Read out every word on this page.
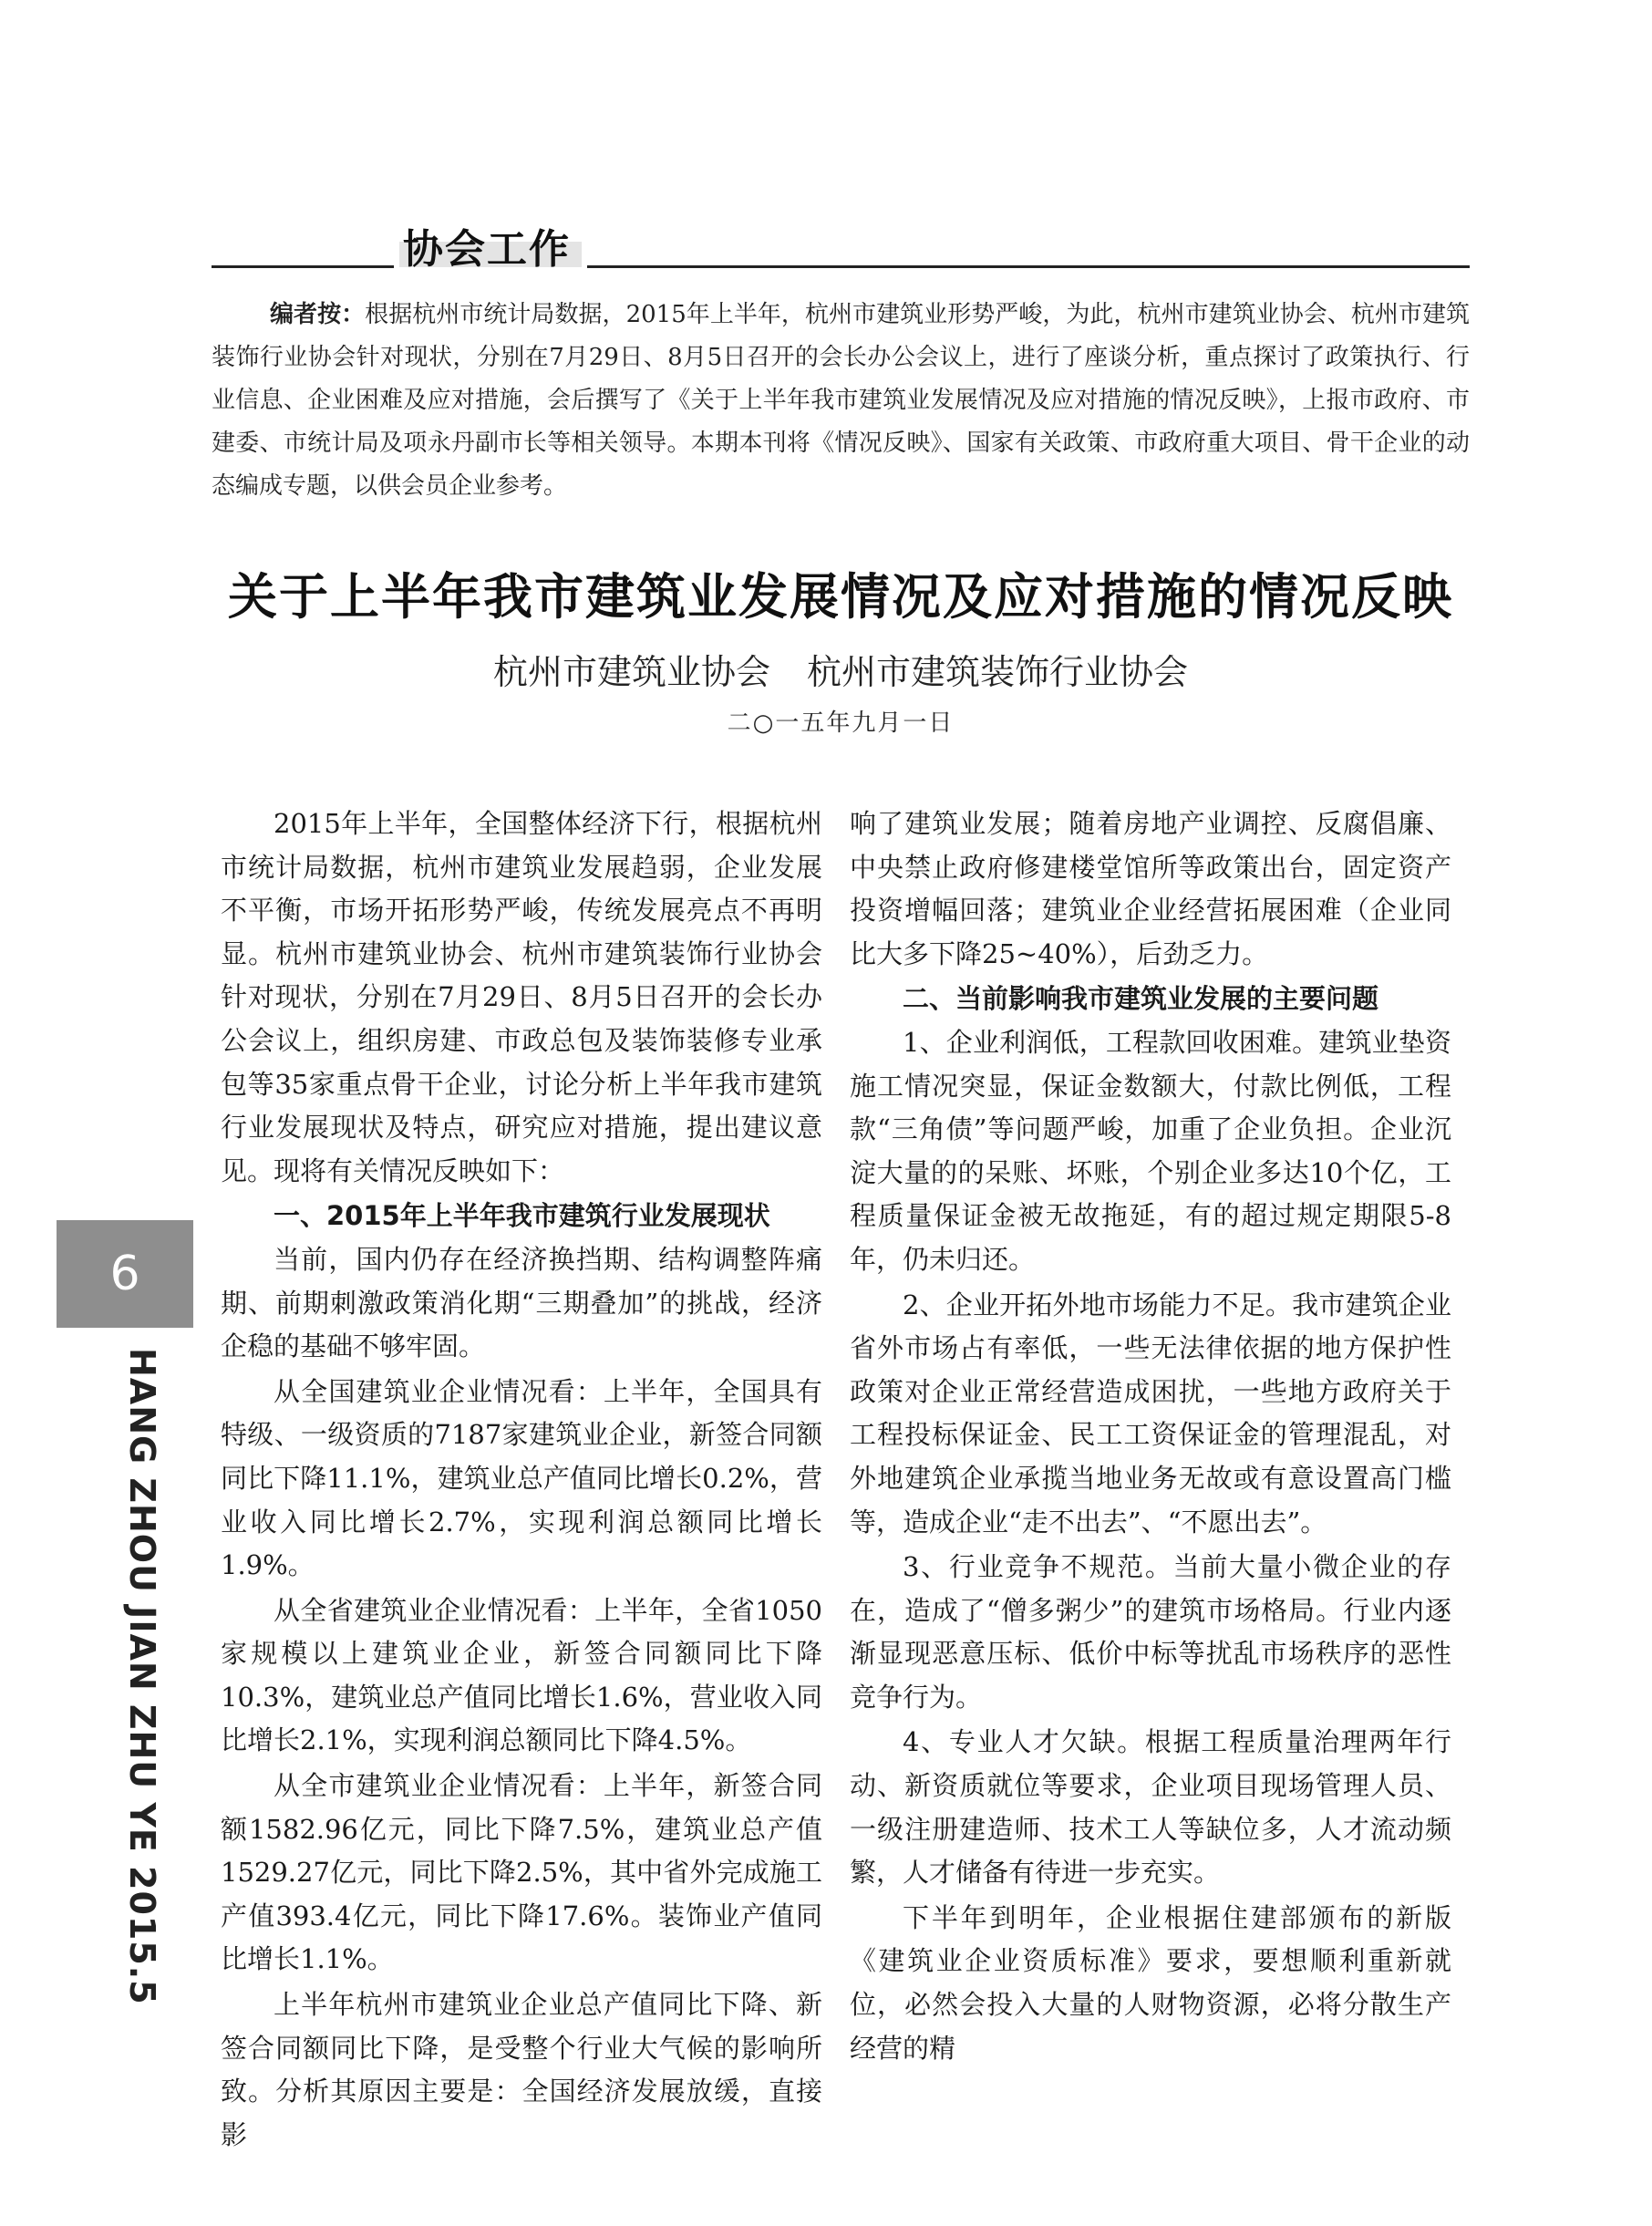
协会工作
编者按：根据杭州市统计局数据，2015年上半年，杭州市建筑业形势严峻，为此，杭州市建筑业协会、杭州市建筑装饰行业协会针对现状，分别在7月29日、8月5日召开的会长办公会议上，进行了座谈分析，重点探讨了政策执行、行业信息、企业困难及应对措施，会后撰写了《关于上半年我市建筑业发展情况及应对措施的情况反映》，上报市政府、市建委、市统计局及项永丹副市长等相关领导。本期本刊将《情况反映》、国家有关政策、市政府重大项目、骨干企业的动态编成专题，以供会员企业参考。
关于上半年我市建筑业发展情况及应对措施的情况反映
杭州市建筑业协会 杭州市建筑装饰行业协会
二○一五年九月一日

2015年上半年，全国整体经济下行，根据杭州市统计局数据，杭州市建筑业发展趋弱，企业发展不平衡，市场开拓形势严峻，传统发展亮点不再明显。杭州市建筑业协会、杭州市建筑装饰行业协会针对现状，分别在7月29日、8月5日召开的会长办公会议上，组织房建、市政总包及装饰装修专业承包等35家重点骨干企业，讨论分析上半年我市建筑行业发展现状及特点，研究应对措施，提出建议意见。现将有关情况反映如下：

一、2015年上半年我市建筑行业发展现状

当前，国内仍存在经济换挡期、结构调整阵痛期、前期刺激政策消化期“三期叠加”的挑战，经济企稳的基础不够牢固。

从全国建筑业企业情况看：上半年，全国具有特级、一级资质的7187家建筑业企业，新签合同额同比下降11.1%，建筑业总产值同比增长0.2%，营业收入同比增长2.7%，实现利润总额同比增长1.9%。

从全省建筑业企业情况看：上半年，全省1050家规模以上建筑业企业，新签合同额同比下降10.3%，建筑业总产值同比增长1.6%，营业收入同比增长2.1%，实现利润总额同比下降4.5%。

从全市建筑业企业情况看：上半年，新签合同额1582.96亿元，同比下降7.5%，建筑业总产值1529.27亿元，同比下降2.5%，其中省外完成施工产值393.4亿元，同比下降17.6%。装饰业产值同比增长1.1%。

上半年杭州市建筑业企业总产值同比下降、新签合同额同比下降，是受整个行业大气候的影响所致。分析其原因主要是：全国经济发展放缓，直接影

响了建筑业发展；随着房地产业调控、反腐倡廉、中央禁止政府修建楼堂馆所等政策出台，固定资产投资增幅回落；建筑业企业经营拓展困难（企业同比大多下降25~40%），后劲乏力。

二、当前影响我市建筑业发展的主要问题

1、企业利润低，工程款回收困难。建筑业垫资施工情况突显，保证金数额大，付款比例低，工程款“三角债”等问题严峻，加重了企业负担。企业沉淀大量的的呆账、坏账，个别企业多达10个亿，工程质量保证金被无故拖延，有的超过规定期限5-8年，仍未归还。

2、企业开拓外地市场能力不足。我市建筑企业省外市场占有率低，一些无法律依据的地方保护性政策对企业正常经营造成困扰，一些地方政府关于工程投标保证金、民工工资保证金的管理混乱，对外地建筑企业承揽当地业务无故或有意设置高门槛等，造成企业“走不出去”、“不愿出去”。

3、行业竞争不规范。当前大量小微企业的存在，造成了“僧多粥少”的建筑市场格局。行业内逐渐显现恶意压标、低价中标等扰乱市场秩序的恶性竞争行为。

4、专业人才欠缺。根据工程质量治理两年行动、新资质就位等要求，企业项目现场管理人员、一级注册建造师、技术工人等缺位多，人才流动频繁，人才储备有待进一步充实。

下半年到明年，企业根据住建部颁布的新版《建筑业企业资质标准》要求，要想顺利重新就位，必然会投入大量的人财物资源，必将分散生产经营的精

6
HANG ZHOU JIAN ZHU YE 2015.5
